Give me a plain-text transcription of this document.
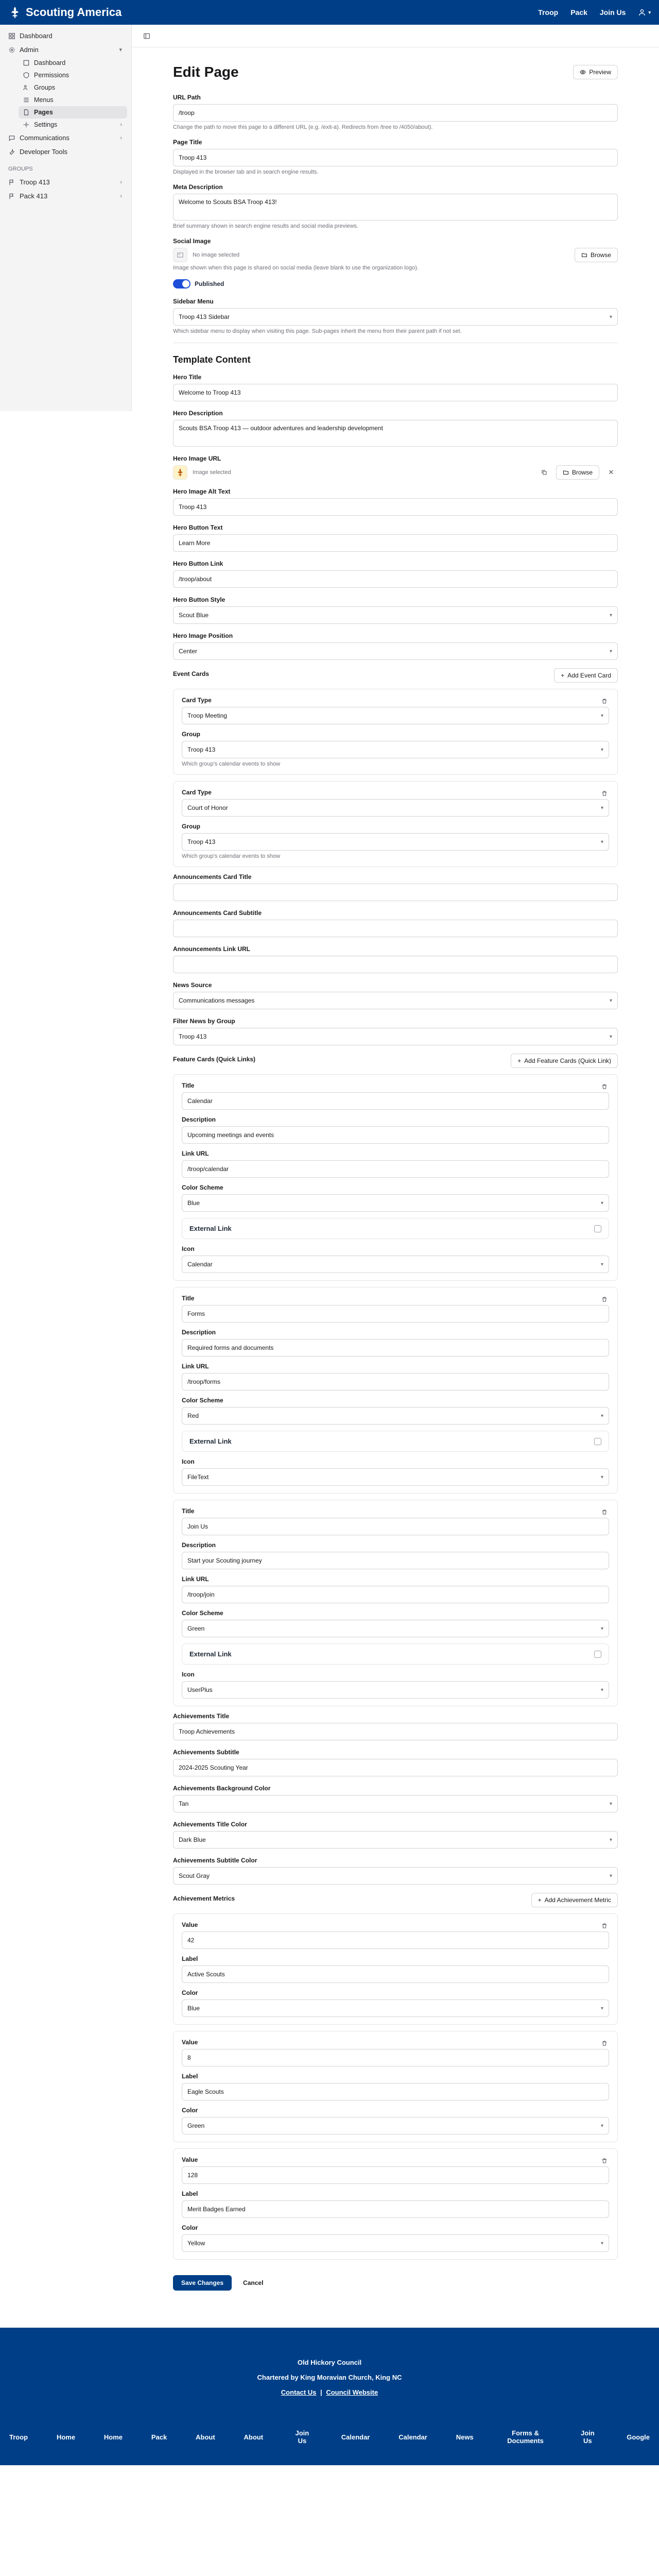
Scouting America	Troop Pack Join Us	▾
Dashboard
Admin	▾
Dashboard
Permissions
Groups
Menus
Pages
Settings	›
Communications	›
Developer Tools
GROUPS
Troop 413	›
Pack 413	›
Edit Page	Preview
URL Path
/troop
Change the path to move this page to a different URL (e.g. /exit-a). Redirects from /tree to /4050/about).
Page Title
Troop 413
Displayed in the browser tab and in search engine results.
Meta Description
Welcome to Scouts BSA Troop 413!
Brief summary shown in search engine results and social media previews.
Social Image
No image selected	Browse
Image shown when this page is shared on social media (leave blank to use the organization logo).
Published
Sidebar Menu
Troop 413 Sidebar	▾
Which sidebar menu to display when visiting this page. Sub-pages inherit the menu from their parent path if not set.
Template Content
Hero Title
Welcome to Troop 413
Hero Description
Scouts BSA Troop 413 — outdoor adventures and leadership development
Hero Image URL
Image selected	Browse	✕
Hero Image Alt Text
Troop 413
Hero Button Text
Learn More
Hero Button Link
/troop/about
Hero Button Style
Scout Blue	▾
Hero Image Position
Center	▾
Event Cards	+ Add Event Card
Card Type
Troop Meeting	▾
Group
Troop 413	▾
Which group's calendar events to show
Card Type
Court of Honor	▾
Group
Troop 413	▾
Which group's calendar events to show
Announcements Card Title
Announcements Card Subtitle
Announcements Link URL
News Source
Communications messages	▾
Filter News by Group
Troop 413	▾
Feature Cards (Quick Links)	+ Add Feature Cards (Quick Link)
Title
Calendar
Description
Upcoming meetings and events
Link URL
/troop/calendar
Color Scheme
Blue	▾
External Link
Icon
Calendar	▾
Title
Forms
Description
Required forms and documents
Link URL
/troop/forms
Color Scheme
Red	▾
External Link
Icon
FileText	▾
Title
Join Us
Description
Start your Scouting journey
Link URL
/troop/join
Color Scheme
Green	▾
External Link
Icon
UserPlus	▾
Achievements Title
Troop Achievements
Achievements Subtitle
2024-2025 Scouting Year
Achievements Background Color
Tan	▾
Achievements Title Color
Dark Blue	▾
Achievements Subtitle Color
Scout Gray	▾
Achievement Metrics	+ Add Achievement Metric
Value
42
Label
Active Scouts
Color
Blue	▾
Value
8
Label
Eagle Scouts
Color
Green	▾
Value
128
Label
Merit Badges Earned
Color
Yellow	▾
Save Changes	Cancel

Old Hickory Council

Chartered by King Moravian Church, King NC

Contact Us | Council Website
Troop	Home	Home	Pack	About	About	Join Us	Calendar	Calendar	News	Forms & Documents
Join Us	Google
